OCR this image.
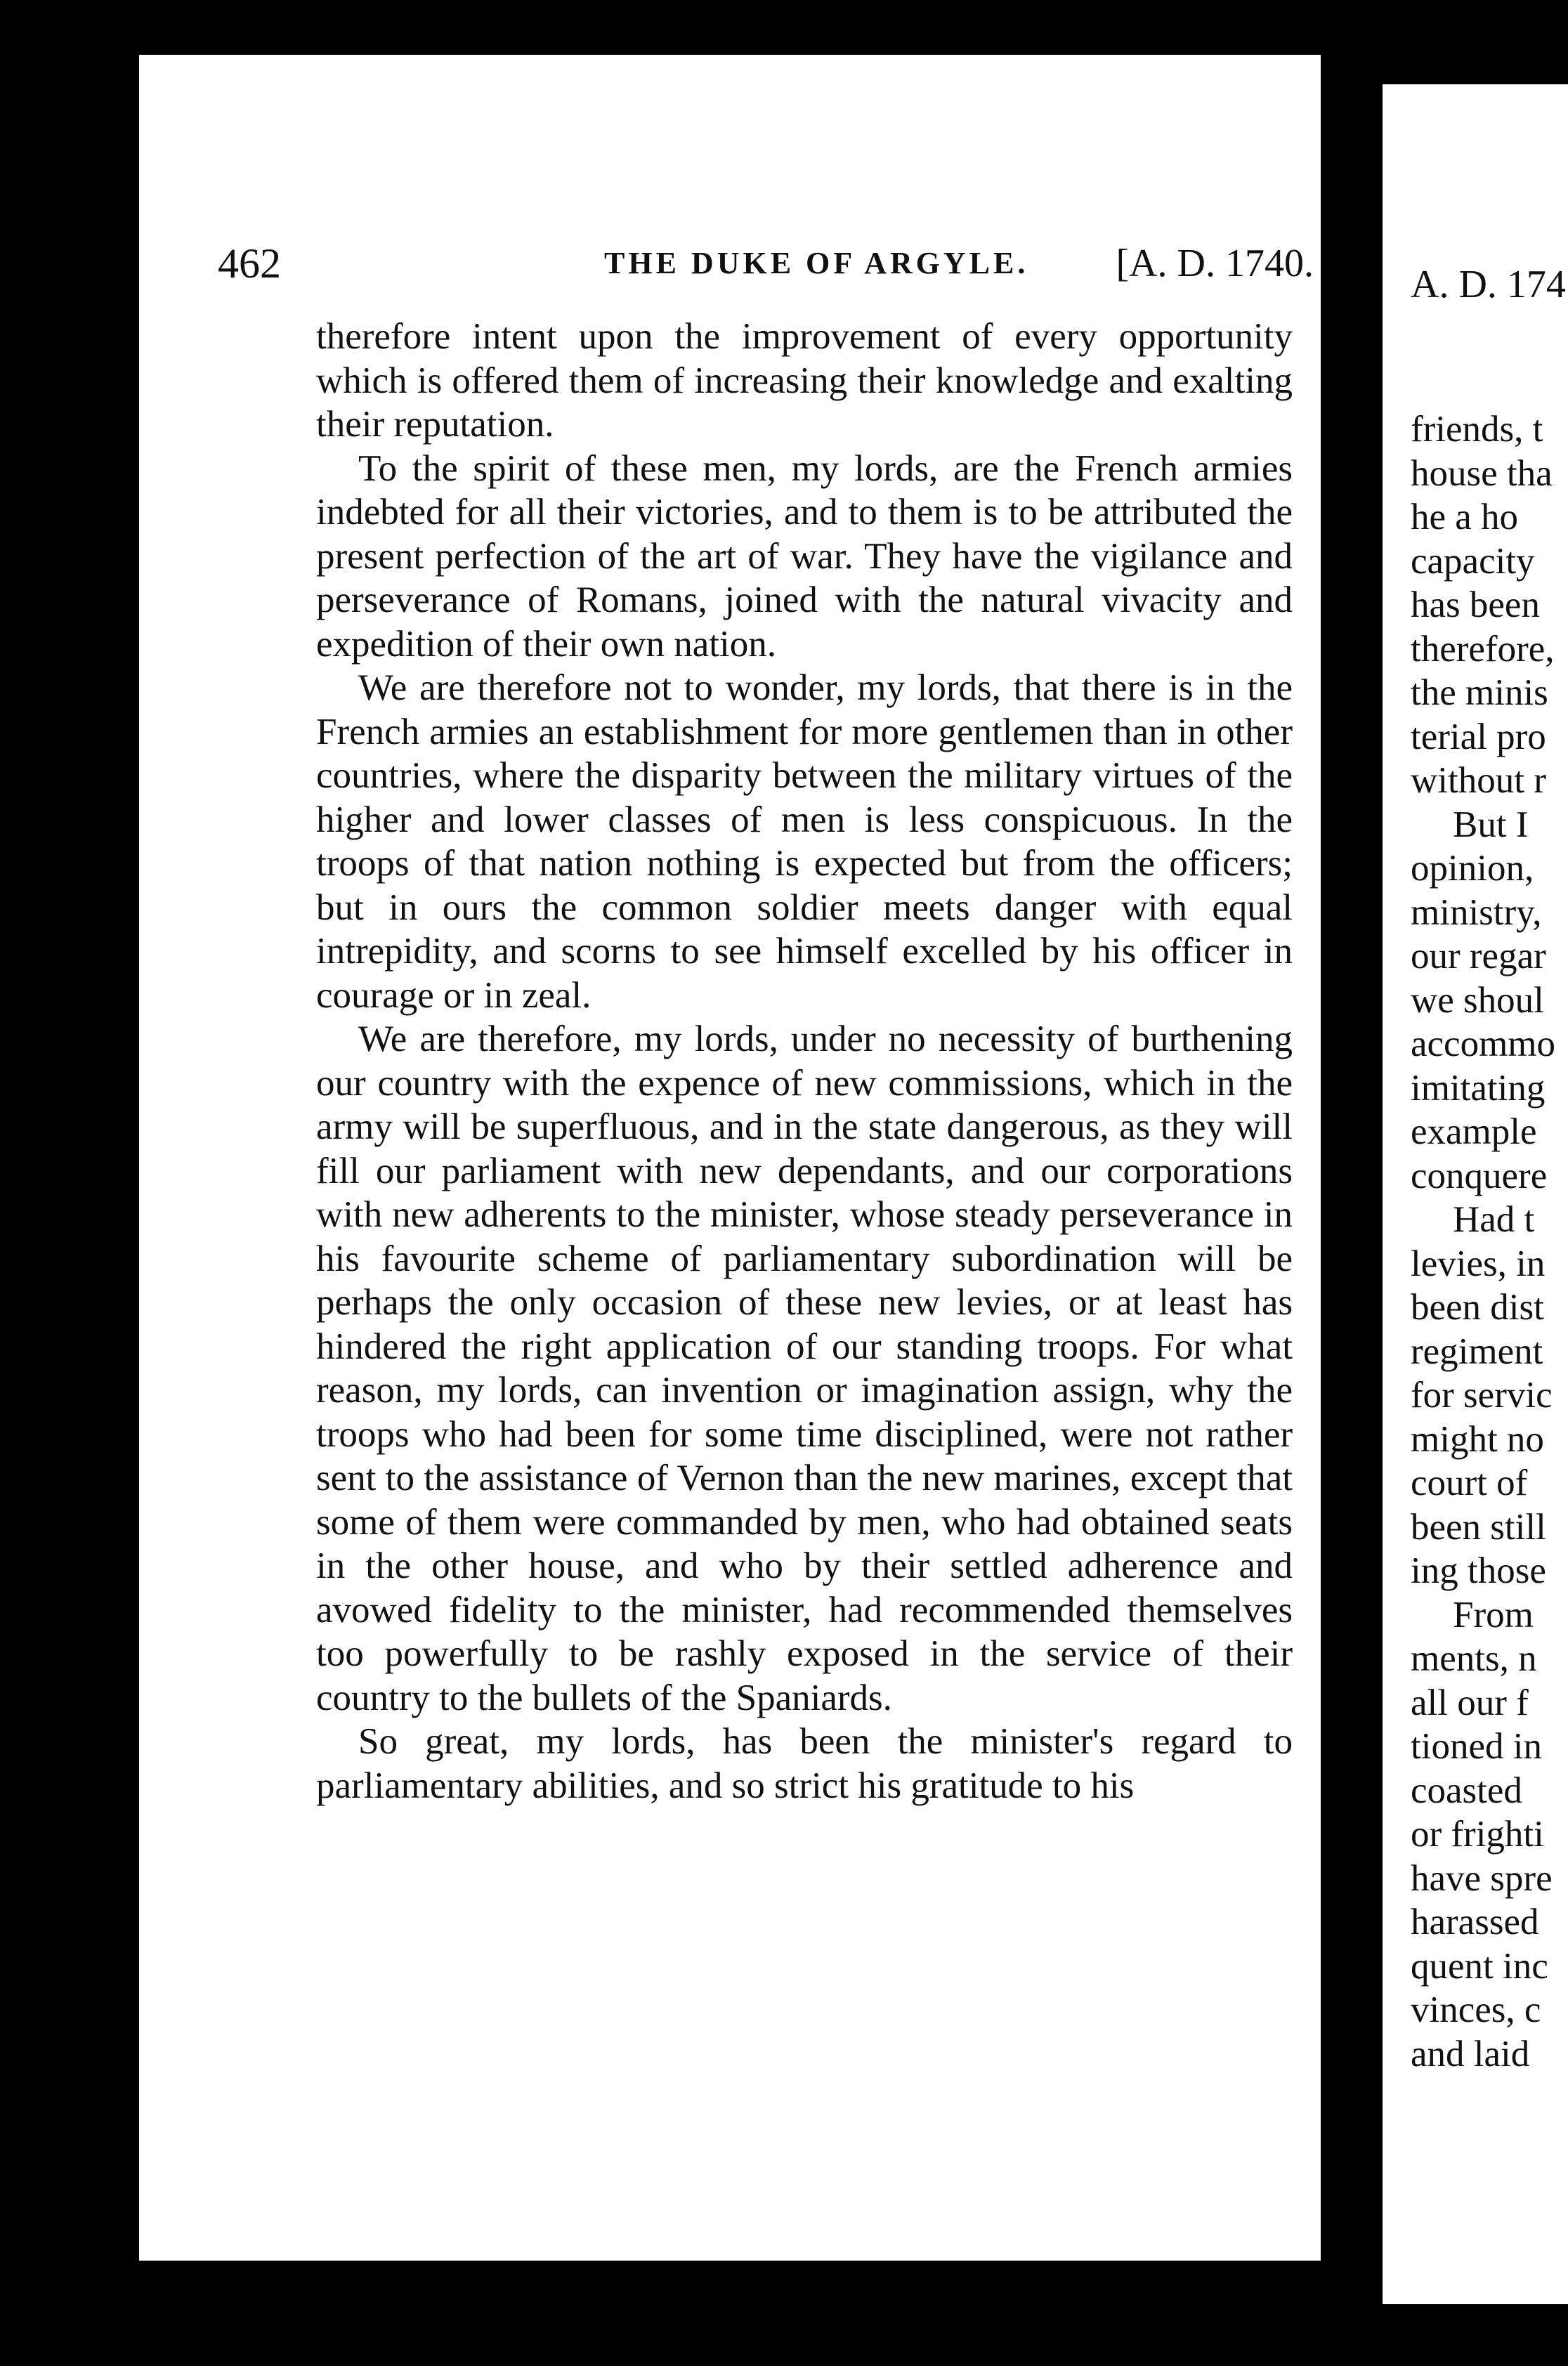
A. D. 174
friends, t
house tha
he a ho
capacity
has been
therefore,
the minis
terial pro
without r
But I
opinion,
ministry,
our regar
we shoul
accommo
imitating
example
conquere
Had t
levies, in
been dist
regiment
for servic
might no
court of
been still
ing those
From
ments, n
all our f
tioned in
coasted
or frighti
have spre
harassed
quent inc
vinces, c
and laid
462	THE DUKE OF ARGYLE. [A. D. 1740.

therefore intent upon the improvement of every opportunity which is offered them of increasing their knowledge and exalting their reputation.

To the spirit of these men, my lords, are the French armies indebted for all their victories, and to them is to be attributed the present perfection of the art of war. They have the vigilance and perseverance of Romans, joined with the natural vivacity and expedition of their own nation.

We are therefore not to wonder, my lords, that there is in the French armies an establishment for more gentlemen than in other countries, where the disparity between the military virtues of the higher and lower classes of men is less conspicuous. In the troops of that nation nothing is expected but from the officers; but in ours the common soldier meets danger with equal intrepidity, and scorns to see himself excelled by his officer in courage or in zeal.

We are therefore, my lords, under no necessity of burthening our country with the expence of new commissions, which in the army will be superfluous, and in the state dangerous, as they will fill our parliament with new dependants, and our corporations with new adherents to the minister, whose steady perseverance in his favourite scheme of parliamentary subordination will be perhaps the only occasion of these new levies, or at least has hindered the right application of our standing troops. For what reason, my lords, can invention or imagination assign, why the troops who had been for some time disciplined, were not rather sent to the assistance of Vernon than the new marines, except that some of them were commanded by men, who had obtained seats in the other house, and who by their settled adherence and avowed fidelity to the minister, had recommended themselves too powerfully to be rashly exposed in the service of their country to the bullets of the Spaniards.

So great, my lords, has been the minister's regard to parliamentary abilities, and so strict his gratitude to his
